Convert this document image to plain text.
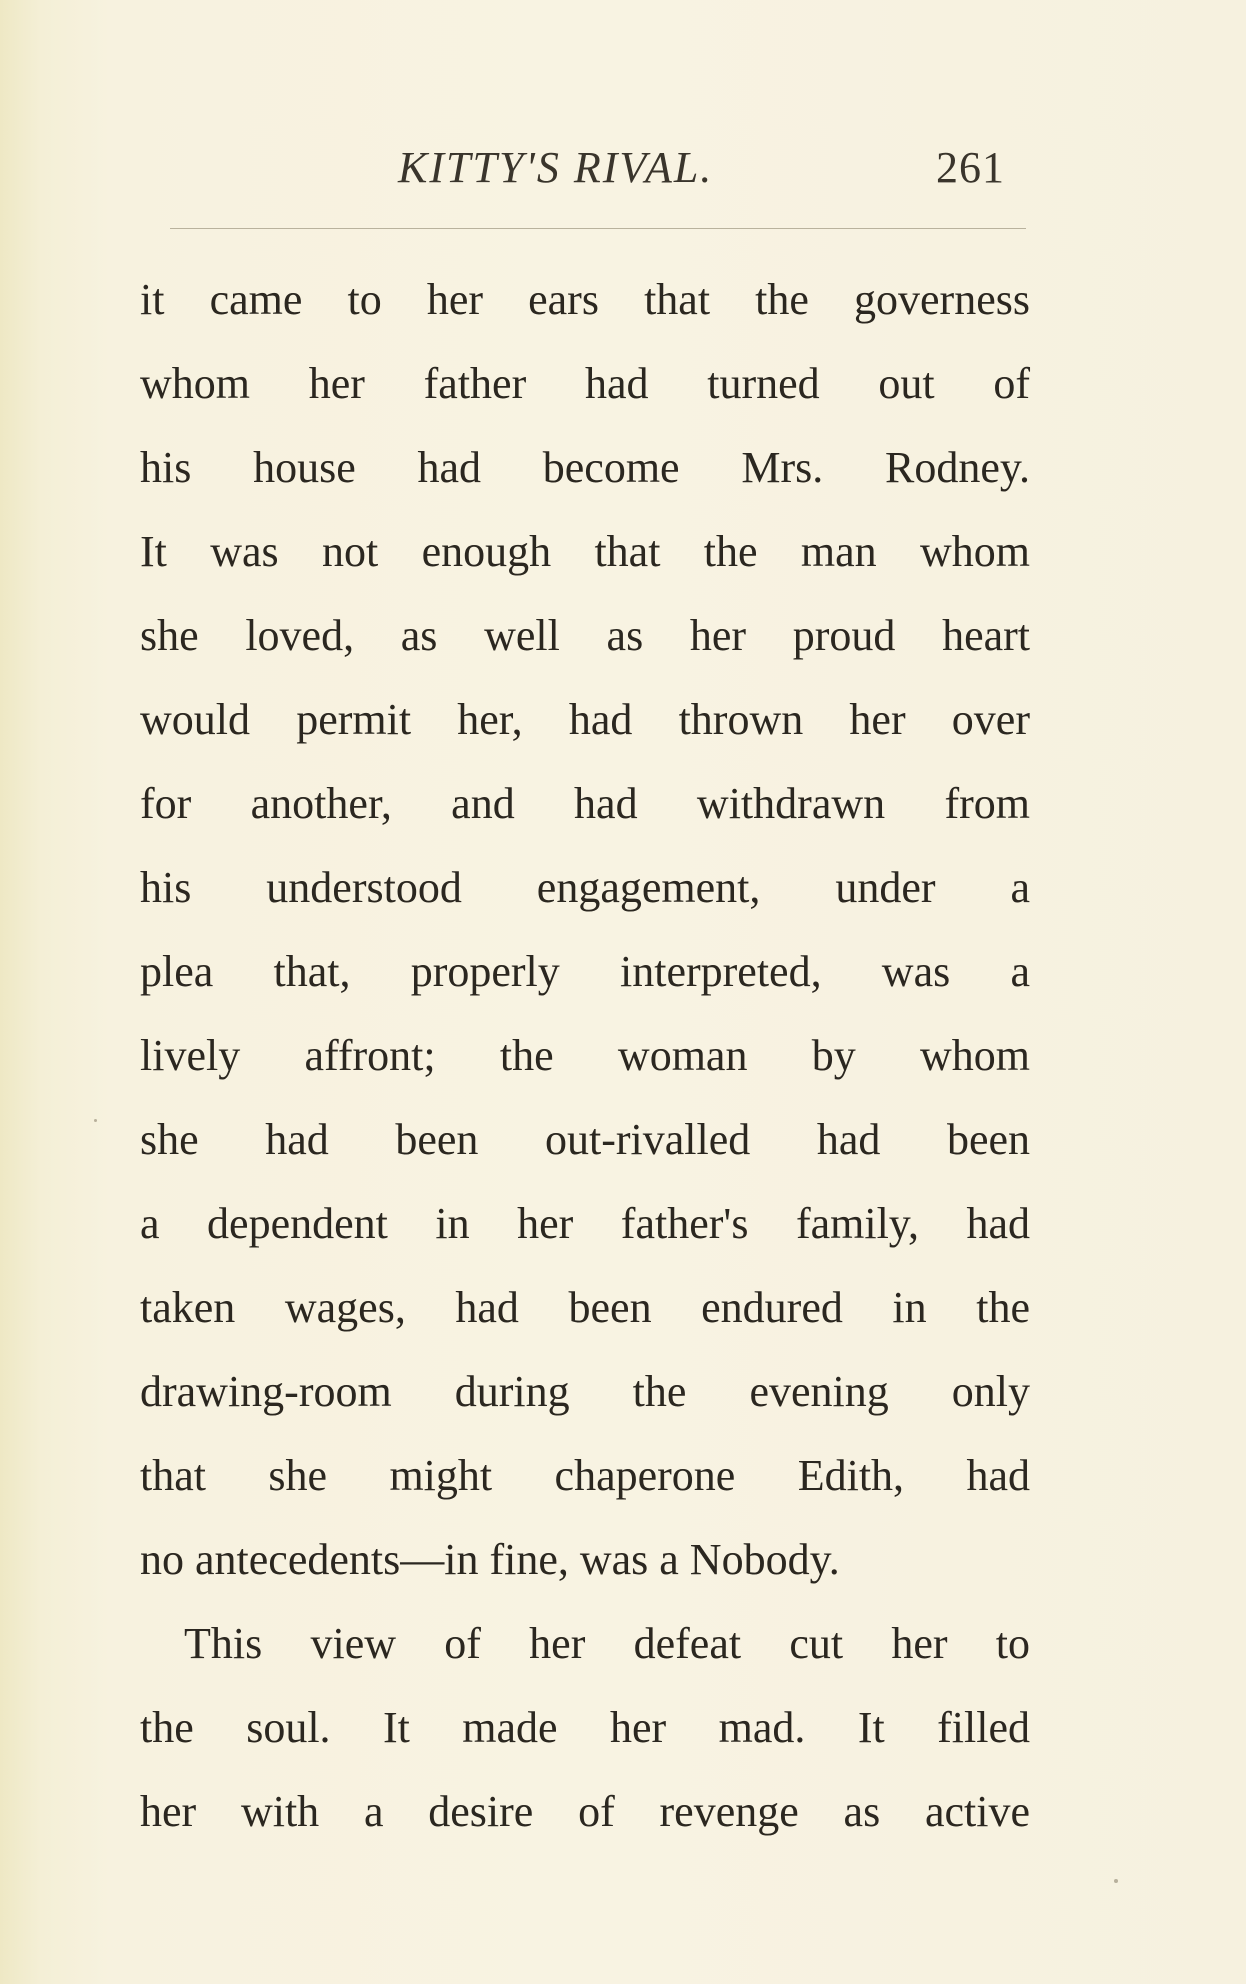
KITTY'S RIVAL.	261
it came to her ears that the governess
whom her father had turned out of
his house had become Mrs. Rodney.
It was not enough that the man whom
she loved, as well as her proud heart
would permit her, had thrown her over
for another, and had withdrawn from
his understood engagement, under a
plea that, properly interpreted, was a
lively affront; the woman by whom
she had been out-rivalled had been
a dependent in her father's family, had
taken wages, had been endured in the
drawing-room during the evening only
that she might chaperone Edith, had
no antecedents—in fine, was a Nobody.
This view of her defeat cut her to
the soul. It made her mad. It filled
her with a desire of revenge as active
